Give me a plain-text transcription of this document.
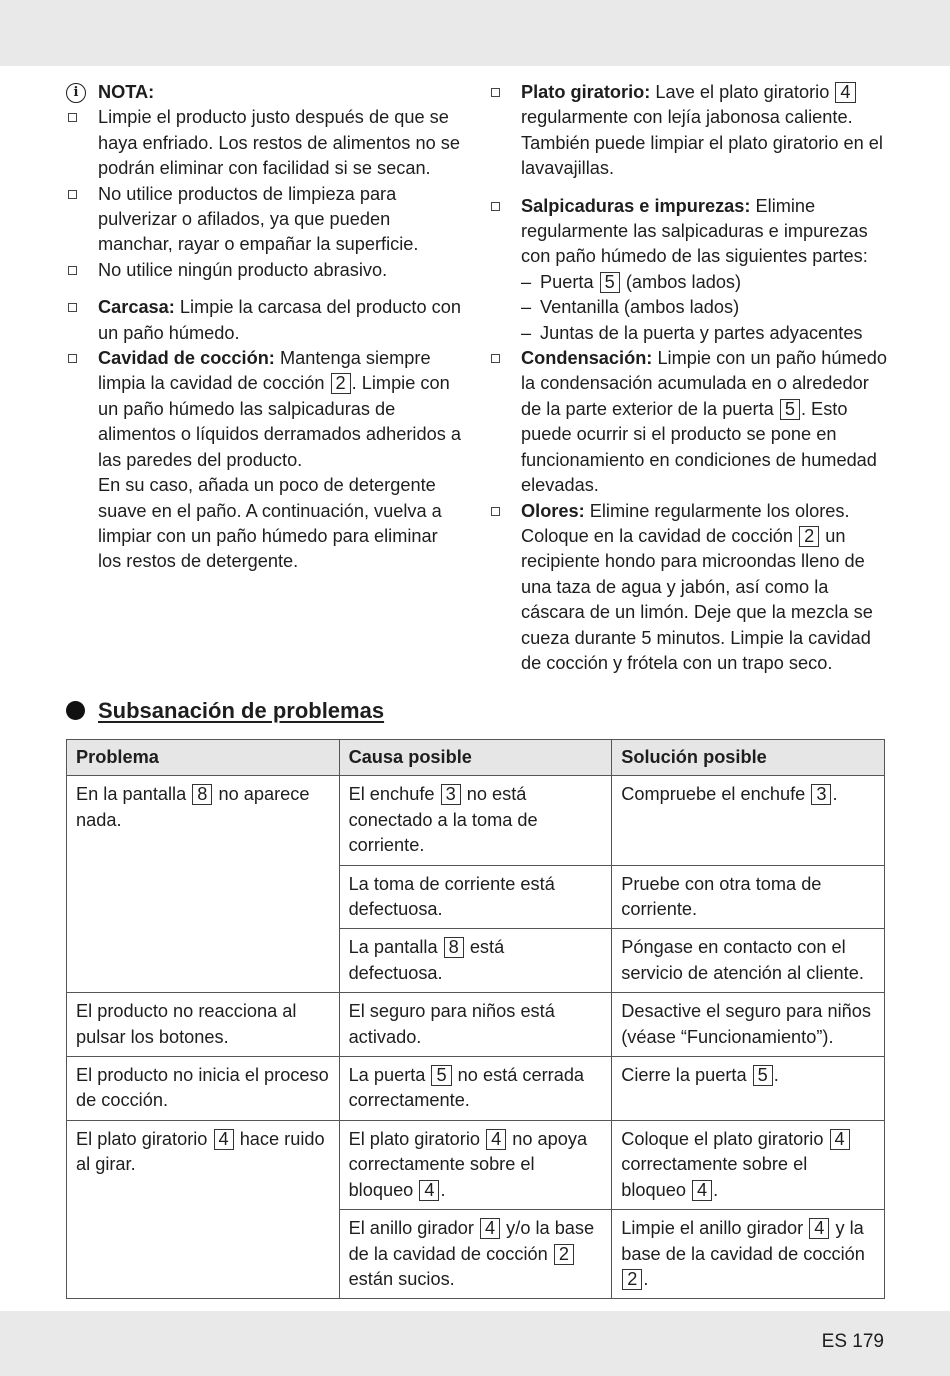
i	NOTA:
Limpie el producto justo después de que se haya enfriado. Los restos de alimentos no se podrán eliminar con facilidad si se secan.
No utilice productos de limpieza para pulverizar o afilados, ya que pueden manchar, rayar o empañar la superficie.
No utilice ningún producto abrasivo.
Carcasa: Limpie la carcasa del producto con un paño húmedo.
Cavidad de cocción: Mantenga siempre limpia la cavidad de cocción 2 . Limpie con un paño húmedo las salpicaduras de alimentos o líquidos derramados adheridos a las paredes del producto.
En su caso, añada un poco de detergente suave en el paño. A continuación, vuelva a limpiar con un paño húmedo para eliminar los restos de detergente.
Plato giratorio: Lave el plato giratorio 4 regularmente con lejía jabonosa caliente. También puede limpiar el plato giratorio en el lavavajillas.
Salpicaduras e impurezas: Elimine regularmente las salpicaduras e impurezas con paño húmedo de las siguientes partes:
– Puerta 5 (ambos lados)
– Ventanilla (ambos lados)
– Juntas de la puerta y partes adyacentes
Condensación: Limpie con un paño húmedo la condensación acumulada en o alrededor de la parte exterior de la puerta 5 . Esto puede ocurrir si el producto se pone en funcionamiento en condiciones de humedad elevadas.
Olores: Elimine regularmente los olores. Coloque en la cavidad de cocción 2 un recipiente hondo para microondas lleno de una taza de agua y jabón, así como la cáscara de un limón. Deje que la mezcla se cueza durante 5 minutos. Limpie la cavidad de cocción y frótela con un trapo seco.
Subsanación de problemas
Problema	Causa posible	Solución posible
En la pantalla 8 no aparece nada.	El enchufe 3 no está conectado a la toma de corriente.	Compruebe el enchufe 3 .
	La toma de corriente está defectuosa.	Pruebe con otra toma de corriente.
	La pantalla 8 está defectuosa.	Póngase en contacto con el servicio de atención al cliente.
El producto no reacciona al pulsar los botones.	El seguro para niños está activado.	Desactive el seguro para niños (véase “Funcionamiento”).
El producto no inicia el proceso de cocción.	La puerta 5 no está cerrada correctamente.	Cierre la puerta 5 .
El plato giratorio 4 hace ruido al girar.	El plato giratorio 4 no apoya correctamente sobre el bloqueo 4 .	Coloque el plato giratorio 4 correctamente sobre el bloqueo 4 .
	El anillo girador 4 y/o la base de la cavidad de cocción 2 están sucios.	Limpie el anillo girador 4 y la base de la cavidad de cocción 2 .
ES 179
